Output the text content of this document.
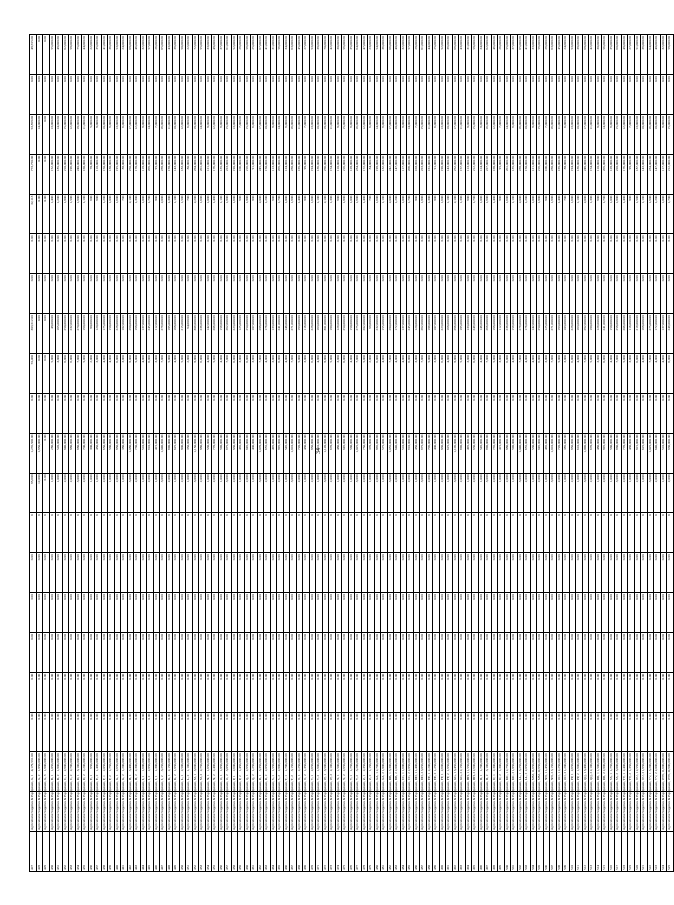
427	Agricultural Supplies & Equipment, A, 1	4,179,531.00	0.00	0.00	0.00	3.00	0.00	0	95,600	1,235,500.00	0.00	55,400	303,512.00	0.00	0.00	32,113	773,750.00	53,858.00	0.00	48,555.00
428	Agricultural Supplies & Equipment, A, 2	1,850,000.00	0.00	0.00	0.00	0.00	0.00	0	12,000	1,850,000.00	0.00	0.00	0.00	0.00	0.00	0.00	0.00	14,000.00	0.00	0.00
429	Agricultural Supplies & Equipment, A, 3	1,900,000.00	0.00	0.00	0.00	0.00	0.00	0	0.00	0.00	0.00	0.00	0.00	0.00	0.00	0.00	0.00	0.00	0.00	0.00
430	Agricultural Supplies & Equipment, B, 1	1,050,000.00	0.00	0.00	0.00	0.00	0.00	0	1,000	280,000.00	0.00	5,000	48,000.00	0.00	0.00	1,400	152,000.00	13,000.00	0.00	55,000.00
431	Agricultural Supplies & Equipment, B, 2	1,800,000.00	0.00	0.00	0.00	0.00	0.00	0	1,000	520,000.00	0.00	3,000	165,000.00	0.00	0.00	1,200	185,000.00	14,000.00	0.00	48,000.00
432	Agricultural Supplies & Equipment, C, 1	2,900,000.00	0.00	0.00	0.00	0.00	0.00	0	2,000	940,000.00	0.00	6,000	250,000.00	0.00	0.00	1,800	210,000.00	15,000.00	0.00	62,000.00
433	Agricultural Supplies & Equipment, C, 2	2,700,000.00	0.00	0.00	0.00	0.00	0.00	0	2,000	880,000.00	0.00	6,000	232,000.00	0.00	0.00	1,500	196,000.00	12,000.00	0.00	58,000.00
434	Agricultural Supplies & Equipment, D, 1	3,100,000.00	0.00	0.00	0.00	0.00	0.00	0	3,000	980,000.00	0.00	7,000	270,000.00	0.00	0.00	1,900	240,000.00	18,000.00	0.00	75,000.00
435	Agricultural Supplies & Equipment, D, 2	2,200,000.00	0.00	0.00	0.00	0.00	0.00	0	2,000	700,000.00	0.00	5,000	190,000.00	0.00	0.00	1,100	160,000.00	11,000.00	0.00	44,000.00
436	Agricultural Supplies & Equipment, E, 1	950,000.00	0.00	0.00	0.00	0.00	0.00	0	1,000	300,000.00	0.00	2,000	80,000.00	0.00	0.00	600	70,000.00	5,000.00	0.00	22,000.00
437	Agricultural Supplies & Equipment, E, 2	1,400,000.00	0.00	0.00	0.00	0.00	0.00	0	1,000	450,000.00	0.00	3,000	120,000.00	0.00	0.00	900	110,000.00	8,000.00	0.00	35,000.00
438	Agricultural Supplies & Equipment, F, 1	2,050,000.00	0.00	0.00	0.00	0.00	0.00	0	2,000	650,000.00	0.00	4,000	175,000.00	0.00	0.00	1,200	150,000.00	10,000.00	0.00	41,000.00
439	Agricultural Supplies & Equipment, F, 2	1,750,000.00	0.00	0.00	0.00	0.00	0.00	0	1,000	560,000.00	0.00	4,000	150,000.00	0.00	0.00	1,000	130,000.00	9,000.00	0.00	36,000.00
440	Agricultural Supplies & Equipment, G, 1	2,650,000.00	0.00	0.00	0.00	0.00	0.00	0	2,000	850,000.00	0.00	6,000	228,000.00	0.00	0.00	1,600	195,000.00	13,000.00	0.00	53,000.00
441	Agricultural Supplies & Equipment, G, 2	1,200,000.00	0.00	0.00	0.00	0.00	0.00	0	1,000	380,000.00	0.00	3,000	102,000.00	0.00	0.00	700	88,000.00	6,000.00	0.00	24,000.00
442	Agricultural Supplies & Equipment, H, 1	3,400,000.00	0.00	0.00	0.00	0.00	0.00	0	3,000	1,080,000.00	0.00	8,000	290,000.00	0.00	0.00	2,100	250,000.00	17,000.00	0.00	68,000.00
443	Agricultural Supplies & Equipment, H, 2	2,300,000.00	0.00	0.00	0.00	0.00	0.00	0	2,000	730,000.00	0.00	5,000	198,000.00	0.00	0.00	1,300	170,000.00	12,000.00	0.00	46,000.00
444	Agricultural Supplies & Equipment, I, 1	1,600,000.00	0.00	0.00	0.00	0.00	0.00	0	1,000	510,000.00	0.00	4,000	137,000.00	0.00	0.00	1,000	118,000.00	8,000.00	0.00	32,000.00
445	Agricultural Supplies & Equipment, I, 2	2,850,000.00	0.00	0.00	0.00	0.00	0.00	0	2,000	910,000.00	0.00	6,000	245,000.00	0.00	0.00	1,700	205,000.00	14,000.00	0.00	57,000.00
446	Agricultural Supplies & Equipment, J, 1	1,300,000.00	0.00	0.00	0.00	0.00	0.00	0	1,000	415,000.00	0.00	3,000	112,000.00	0.00	0.00	800	95,000.00	7,000.00	0.00	26,000.00
447	Agricultural Supplies & Equipment, J, 2	3,250,000.00	0.00	0.00	0.00	0.00	0.00	0	3,000	1,040,000.00	0.00	7,000	279,000.00	0.00	0.00	2,000	238,000.00	16,000.00	0.00	65,000.00
448	Agricultural Supplies & Equipment, K, 1	2,150,000.00	0.00	0.00	0.00	0.00	0.00	0	2,000	690,000.00	0.00	5,000	185,000.00	0.00	0.00	1,300	158,000.00	11,000.00	0.00	43,000.00
449	Agricultural Supplies & Equipment, K, 2	1,950,000.00	0.00	0.00	0.00	0.00	0.00	0	1,000	625,000.00	0.00	4,000	168,000.00	0.00	0.00	1,100	143,000.00	10,000.00	0.00	39,000.00
450	Agricultural Supplies & Equipment, L, 1	2,500,000.00	0.00	0.00	0.00	0.00	0.00	0	2,000	800,000.00	0.00	5,000	215,000.00	0.00	0.00	1,500	183,000.00	12,000.00	0.00	50,000.00
451	Agricultural Supplies & Equipment, L, 2	1,100,000.00	0.00	0.00	0.00	0.00	0.00	0	1,000	350,000.00	0.00	2,000	94,000.00	0.00	0.00	700	80,000.00	6,000.00	0.00	22,000.00
452	Agricultural Supplies & Equipment, M, 1	3,600,000.00	0.00	0.00	0.00	0.00	0.00	0	3,000	1,150,000.00	0.00	8,000	309,000.00	0.00	0.00	2,200	264,000.00	18,000.00	0.00	72,000.00
453	Agricultural Supplies & Equipment, M, 2	2,750,000.00	0.00	0.00	0.00	0.00	0.00	0	2,000	880,000.00	0.00	6,000	236,000.00	0.00	0.00	1,600	201,000.00	14,000.00	0.00	55,000.00
454	Agricultural Supplies & Equipment, N, 1	1,650,000.00	0.00	0.00	0.00	0.00	0.00	0	1,000	530,000.00	0.00	4,000	142,000.00	0.00	0.00	1,000	121,000.00	8,000.00	0.00	33,000.00
455	Agricultural Supplies & Equipment, N, 2	2,400,000.00	0.00	0.00	0.00	0.00	0.00	0	2,000	770,000.00	0.00	5,000	206,000.00	0.00	0.00	1,400	176,000.00	12,000.00	0.00	48,000.00
456	Agricultural Supplies & Equipment, O, 1	1,850,000.00	0.00	0.00	0.00	0.00	0.00	0	1,000	590,000.00	0.00	4,000	159,000.00	0.00	0.00	1,100	135,000.00	9,000.00	0.00	37,000.00
457	Agricultural Supplies & Equipment, O, 2	3,050,000.00	0.00	0.00	0.00	0.00	0.00	0	3,000	975,000.00	0.00	7,000	262,000.00	0.00	0.00	1,800	223,000.00	15,000.00	0.00	61,000.00
458	Agricultural Supplies & Equipment, P, 1	2,600,000.00	0.00	0.00	0.00	0.00	0.00	0	2,000	830,000.00	0.00	6,000	223,000.00	0.00	0.00	1,600	190,000.00	13,000.00	0.00	52,000.00
459	Agricultural Supplies & Equipment, P, 2	1,450,000.00	0.00	0.00	0.00	0.00	0.00	0	1,000	465,000.00	0.00	3,000	125,000.00	0.00	0.00	900	106,000.00	7,000.00	0.00	29,000.00
460	Agricultural Supplies & Equipment, Q, 1	2,950,000.00	0.00	0.00	0.00	0.00	0.00	0	2,000	945,000.00	0.00	6,000	254,000.00	0.00	0.00	1,800	216,000.00	15,000.00	0.00	59,000.00
461	Agricultural Supplies & Equipment, Q, 2	1,250,000.00	0.00	0.00	0.00	0.00	0.00	0	1,000	400,000.00	0.00	3,000	107,000.00	0.00	0.00	800	91,000.00	6,000.00	0.00	25,000.00
462	Agricultural Supplies & Equipment, R, 1	3,350,000.00	0.00	0.00	0.00	0.00	0.00	0	3,000	1,070,000.00	0.00	7,000	288,000.00	0.00	0.00	2,000	245,000.00	17,000.00	0.00	67,000.00
463	Agricultural Supplies & Equipment, R, 2	2,050,000.00	0.00	0.00	0.00	0.00	0.00	0	2,000	655,000.00	0.00	4,000	176,000.00	0.00	0.00	1,200	150,000.00	10,000.00	0.00	41,000.00
464	Agricultural Supplies & Equipment, S, 1	1,550,000.00	0.00	0.00	0.00	0.00	0.00	0	1,000	495,000.00	0.00	3,000	133,000.00	0.00	0.00	900	113,000.00	8,000.00	0.00	31,000.00
465	Agricultural Supplies & Equipment, S, 2	2,800,000.00	0.00	0.00	0.00	0.00	0.00	0	2,000	895,000.00	0.00	6,000	241,000.00	0.00	0.00	1,700	205,000.00	14,000.00	0.00	56,000.00
466	Agricultural Supplies & Equipment, T, 1	1,700,000.00	0.00	0.00	0.00	0.00	0.00	0	1,000	545,000.00	0.00	4,000	146,000.00	0.00	0.00	1,000	124,000.00	9,000.00	0.00	34,000.00
467	Agricultural Supplies & Equipment, T, 2	3,150,000.00	0.00	0.00	0.00	0.00	0.00	0	3,000	1,010,000.00	0.00	7,000	271,000.00	0.00	0.00	1,900	230,000.00	16,000.00	0.00	63,000.00
468	Agricultural Supplies & Equipment, U, 1	2,250,000.00	0.00	0.00	0.00	0.00	0.00	0	2,000	720,000.00	0.00	5,000	193,000.00	0.00	0.00	1,400	165,000.00	11,000.00	0.00	45,000.00
469	Agricultural Supplies & Equipment, U, 2	1,350,000.00	0.00	0.00	0.00	0.00	0.00	0	1,000	430,000.00	0.00	3,000	116,000.00	0.00	0.00	800	99,000.00	7,000.00	0.00	27,000.00
470	Agricultural Supplies & Equipment, V, 1	2,650,000.00	0.00	0.00	0.00	0.00	0.00	0	2,000	850,000.00	0.00	6,000	228,000.00	0.00	0.00	1,600	194,000.00	13,000.00	0.00	53,000.00
471	Agricultural Supplies & Equipment, V, 2	1,900,000.00	0.00	0.00	0.00	0.00	0.00	0	1,000	610,000.00	0.00	4,000	163,000.00	0.00	0.00	1,100	139,000.00	10,000.00	0.00	38,000.00
472	Agricultural Supplies & Equipment, W, 1	3,500,000.00	0.00	0.00	0.00	0.00	0.00	0	3,000	1,120,000.00	0.00	8,000	301,000.00	0.00	0.00	2,100	256,000.00	18,000.00	0.00	70,000.00
473	Agricultural Supplies & Equipment, W, 2	2,100,000.00	0.00	0.00	0.00	0.00	0.00	0	2,000	670,000.00	0.00	5,000	180,000.00	0.00	0.00	1,300	154,000.00	11,000.00	0.00	42,000.00
474	Agricultural Supplies & Equipment, X, 1	1,500,000.00	0.00	0.00	0.00	0.00	0.00	0	1,000	480,000.00	0.00	3,000	129,000.00	0.00	0.00	900	110,000.00	8,000.00	0.00	30,000.00
475	Agricultural Supplies & Equipment, X, 2	2,950,000.00	0.00	0.00	0.00	0.00	0.00	0	2,000	945,000.00	0.00	6,000	254,000.00	0.00	0.00	1,800	216,000.00	15,000.00	0.00	59,000.00
476	Agricultural Supplies & Equipment, Y, 1	1,750,000.00	0.00	0.00	0.00	0.00	0.00	0	1,000	560,000.00	0.00	4,000	150,000.00	0.00	0.00	1,000	128,000.00	9,000.00	0.00	35,000.00
477	Agricultural Supplies & Equipment, Y, 2	3,200,000.00	0.00	0.00	0.00	0.00	0.00	0	3,000	1,025,000.00	0.00	7,000	275,000.00	0.00	0.00	1,900	234,000.00	16,000.00	0.00	64,000.00
478	Agricultural Supplies & Equipment, Z, 1	2,350,000.00	0.00	0.00	0.00	0.00	0.00	0	2,000	750,000.00	0.00	5,000	202,000.00	0.00	0.00	1,400	172,000.00	12,000.00	0.00	47,000.00
479	Agricultural Supplies & Equipment, Z, 2	1,150,000.00	0.00	0.00	0.00	0.00	0.00	0	1,000	370,000.00	0.00	2,000	99,000.00	0.00	0.00	700	84,000.00	6,000.00	0.00	23,000.00
480	Agricultural Supplies & Equipment, AA, 1	2,700,000.00	0.00	0.00	0.00	0.00	0.00	0	2,000	865,000.00	0.00	6,000	232,000.00	0.00	0.00	1,600	198,000.00	14,000.00	0.00	54,000.00
481	Agricultural Supplies & Equipment, AA, 2	1,800,000.00	0.00	0.00	0.00	0.00	0.00	0	1,000	575,000.00	0.00	4,000	155,000.00	0.00	0.00	1,100	132,000.00	9,000.00	0.00	36,000.00
482	Agricultural Supplies & Equipment, BB, 1	3,300,000.00	0.00	0.00	0.00	0.00	0.00	0	3,000	1,055,000.00	0.00	7,000	284,000.00	0.00	0.00	2,000	242,000.00	17,000.00	0.00	66,000.00
483	Agricultural Supplies & Equipment, BB, 2	2,000,000.00	0.00	0.00	0.00	0.00	0.00	0	2,000	640,000.00	0.00	4,000	172,000.00	0.00	0.00	1,200	147,000.00	10,000.00	0.00	40,000.00
484	Agricultural Supplies & Equipment, CC, 1	1,600,000.00	0.00	0.00	0.00	0.00	0.00	0	1,000	510,000.00	0.00	4,000	137,000.00	0.00	0.00	1,000	117,000.00	8,000.00	0.00	32,000.00
485	Agricultural Supplies & Equipment, CC, 2	2,850,000.00	0.00	0.00	0.00	0.00	0.00	0	2,000	910,000.00	0.00	6,000	245,000.00	0.00	0.00	1,700	209,000.00	14,000.00	0.00	57,000.00
486	Agricultural Supplies & Equipment, DD, 1	1,400,000.00	0.00	0.00	0.00	0.00	0.00	0	1,000	450,000.00	0.00	3,000	120,000.00	0.00	0.00	800	103,000.00	7,000.00	0.00	28,000.00
487	Agricultural Supplies & Equipment, DD, 2	3,050,000.00	0.00	0.00	0.00	0.00	0.00	0	3,000	975,000.00	0.00	7,000	262,000.00	0.00	0.00	1,800	223,000.00	15,000.00	0.00	61,000.00
488	Agricultural Supplies & Equipment, EE, 1	2,200,000.00	0.00	0.00	0.00	0.00	0.00	0	2,000	705,000.00	0.00	5,000	189,000.00	0.00	0.00	1,300	161,000.00	11,000.00	0.00	44,000.00
489	Agricultural Supplies & Equipment, EE, 2	1,250,000.00	0.00	0.00	0.00	0.00	0.00	0	1,000	400,000.00	0.00	3,000	107,000.00	0.00	0.00	800	91,000.00	6,000.00	0.00	25,000.00
490	Agricultural Supplies & Equipment, FF, 1	2,600,000.00	0.00	0.00	0.00	0.00	0.00	0	2,000	830,000.00	0.00	6,000	223,000.00	0.00	0.00	1,600	190,000.00	13,000.00	0.00	52,000.00
491	Agricultural Supplies & Equipment, FF, 2	1,950,000.00	0.00	0.00	0.00	0.00	0.00	0	1,000	625,000.00	0.00	4,000	168,000.00	0.00	0.00	1,100	143,000.00	10,000.00	0.00	39,000.00
492	Agricultural Supplies & Equipment, GG, 1	3,450,000.00	0.00	0.00	0.00	0.00	0.00	0	3,000	1,105,000.00	0.00	8,000	296,000.00	0.00	0.00	2,100	252,000.00	17,000.00	0.00	69,000.00
493	Agricultural Supplies & Equipment, GG, 2	2,150,000.00	0.00	0.00	0.00	0.00	0.00	0	2,000	690,000.00	0.00	5,000	185,000.00	0.00	0.00	1,300	157,000.00	11,000.00	0.00	43,000.00
494	Agricultural Supplies & Equipment, HH, 1	1,550,000.00	0.00	0.00	0.00	0.00	0.00	0	1,000	495,000.00	0.00	3,000	133,000.00	0.00	0.00	900	113,000.00	8,000.00	0.00	31,000.00
495	Agricultural Supplies & Equipment, HH, 2	2,900,000.00	0.00	0.00	0.00	0.00	0.00	0	2,000	930,000.00	0.00	6,000	249,000.00	0.00	0.00	1,700	212,000.00	15,000.00	0.00	58,000.00
496	Agricultural Supplies & Equipment, II, 1	1,700,000.00	0.00	0.00	0.00	0.00	0.00	0	1,000	545,000.00	0.00	4,000	146,000.00	0.00	0.00	1,000	124,000.00	9,000.00	0.00	34,000.00
497	Agricultural Supplies & Equipment, II, 2	3,100,000.00	0.00	0.00	0.00	0.00	0.00	0	3,000	990,000.00	0.00	7,000	266,000.00	0.00	0.00	1,900	227,000.00	16,000.00	0.00	62,000.00
498	Agricultural Supplies & Equipment, JJ, 1	2,300,000.00	0.00	0.00	0.00	0.00	0.00	0	2,000	735,000.00	0.00	5,000	198,000.00	0.00	0.00	1,400	168,000.00	12,000.00	0.00	46,000.00
499	Agricultural Supplies & Equipment, JJ, 2	1,300,000.00	0.00	0.00	0.00	0.00	0.00	0	1,000	415,000.00	0.00	3,000	112,000.00	0.00	0.00	800	95,000.00	7,000.00	0.00	26,000.00
500	Agricultural Supplies & Equipment, KK, 1	2,750,000.00	0.00	0.00	0.00	0.00	0.00	0	2,000	880,000.00	0.00	6,000	236,000.00	0.00	0.00	1,600	201,000.00	14,000.00	0.00	55,000.00
501	Agricultural Supplies & Equipment, KK, 2	1,850,000.00	0.00	0.00	0.00	0.00	0.00	0	1,000	590,000.00	0.00	4,000	159,000.00	0.00	0.00	1,100	135,000.00	9,000.00	0.00	37,000.00
502	Agricultural Supplies & Equipment, LL, 1	3,250,000.00	0.00	0.00	0.00	0.00	0.00	0	3,000	1,040,000.00	0.00	7,000	279,000.00	0.00	0.00	2,000	238,000.00	16,000.00	0.00	65,000.00
503	Agricultural Supplies & Equipment, LL, 2	2,050,000.00	0.00	0.00	0.00	0.00	0.00	0	2,000	655,000.00	0.00	4,000	176,000.00	0.00	0.00	1,200	150,000.00	10,000.00	0.00	41,000.00
504	Agricultural Supplies & Equipment, MM, 1	1,650,000.00	0.00	0.00	0.00	0.00	0.00	0	1,000	530,000.00	0.00	4,000	142,000.00	0.00	0.00	1,000	121,000.00	8,000.00	0.00	33,000.00
505	Agricultural Supplies & Equipment, MM, 2	2,950,000.00	0.00	0.00	0.00	0.00	0.00	0	2,000	945,000.00	0.00	6,000	254,000.00	0.00	0.00	1,800	216,000.00	15,000.00	0.00	59,000.00
506	Agricultural Supplies & Equipment, NN, 1	1,450,000.00	0.00	0.00	0.00	0.00	0.00	0	1,000	465,000.00	0.00	3,000	125,000.00	0.00	0.00	900	106,000.00	7,000.00	0.00	29,000.00
507	Agricultural Supplies & Equipment, NN, 2	3,150,000.00	0.00	0.00	0.00	0.00	0.00	0	3,000	1,010,000.00	0.00	7,000	271,000.00	0.00	0.00	1,900	230,000.00	16,000.00	0.00	63,000.00
508	Agricultural Supplies & Equipment, OO, 1	2,250,000.00	0.00	0.00	0.00	0.00	0.00	0	2,000	720,000.00	0.00	5,000	193,000.00	0.00	0.00	1,400	165,000.00	11,000.00	0.00	45,000.00
509	Agricultural Supplies & Equipment, OO, 2	1,200,000.00	0.00	0.00	0.00	0.00	0.00	0	1,000	385,000.00	0.00	3,000	103,000.00	0.00	0.00	700	88,000.00	6,000.00	0.00	24,000.00
510	Agricultural Supplies & Equipment, PP, 1	2,650,000.00	0.00	0.00	0.00	0.00	0.00	0	2,000	850,000.00	0.00	6,000	228,000.00	0.00	0.00	1,600	194,000.00	13,000.00	0.00	53,000.00
511	Agricultural Supplies & Equipment, PP, 2	1,900,000.00	0.00	0.00	0.00	0.00	0.00	0	1,000	610,000.00	0.00	4,000	163,000.00	0.00	0.00	1,100	139,000.00	10,000.00	0.00	38,000.00
512	Agricultural Supplies & Equipment, QQ, 1	3,400,000.00	0.00	0.00	0.00	0.00	0.00	0	3,000	1,090,000.00	0.00	7,000	292,000.00	0.00	0.00	2,000	249,000.00	17,000.00	0.00	68,000.00
513	Agricultural Supplies & Equipment, QQ, 2	2,100,000.00	0.00	0.00	0.00	0.00	0.00	0	2,000	670,000.00	0.00	5,000	180,000.00	0.00	0.00	1,300	154,000.00	11,000.00	0.00	42,000.00
514	Agricultural Supplies & Equipment, RR, 1	1,500,000.00	0.00	0.00	0.00	0.00	0.00	0	1,000	480,000.00	0.00	3,000	129,000.00	0.00	0.00	900	110,000.00	8,000.00	0.00	30,000.00
515	Agricultural Supplies & Equipment, RR, 2	2,800,000.00	0.00	0.00	0.00	0.00	0.00	0	2,000	895,000.00	0.00	6,000	241,000.00	0.00	0.00	1,700	205,000.00	14,000.00	0.00	56,000.00
516	Agricultural Supplies & Equipment, SS, 1	1,750,000.00	0.00	0.00	0.00	0.00	0.00	0	1,000	560,000.00	0.00	4,000	150,000.00	0.00	0.00	1,000	128,000.00	9,000.00	0.00	35,000.00
517	Agricultural Supplies & Equipment, SS, 2	3,000,000.00	0.00	0.00	0.00	0.00	0.00	0	3,000	960,000.00	0.00	7,000	258,000.00	0.00	0.00	1,800	220,000.00	15,000.00	0.00	60,000.00
518	Agricultural Supplies & Equipment, TT, 1	2,400,000.00	0.00	0.00	0.00	0.00	0.00	0	2,000	770,000.00	0.00	5,000	206,000.00	0.00	0.00	1,400	176,000.00	12,000.00	0.00	48,000.00
519	Agricultural Supplies & Equipment, TT, 2	1,350,000.00	0.00	0.00	0.00	0.00	0.00	0	1,000	430,000.00	0.00	3,000	116,000.00	0.00	0.00	800	99,000.00	7,000.00	0.00	27,000.00
520	Agricultural Supplies & Equipment, UU, 1	2,550,000.00	0.00	0.00	0.00	0.00	0.00	0	2,000	815,000.00	0.00	6,000	219,000.00	0.00	0.00	1,500	187,000.00	13,000.00	0.00	51,000.00
521	Agricultural Supplies & Equipment, UU, 2	1,950,000.00	0.00	0.00	0.00	0.00	0.00	0	1,000	625,000.00	0.00	4,000	168,000.00	0.00	0.00	1,100	143,000.00	10,000.00	0.00	39,000.00
522	Agricultural Supplies & Equipment, VV, 1	3,200,000.00	0.00	0.00	0.00	0.00	0.00	0	3,000	1,025,000.00	0.00	7,000	275,000.00	0.00	0.00	1,900	234,000.00	16,000.00	0.00	64,000.00
523	Agricultural Supplies & Equipment, VV, 2	2,000,000.00	0.00	0.00	0.00	0.00	0.00	0	2,000	640,000.00	0.00	4,000	172,000.00	0.00	0.00	1,200	147,000.00	10,000.00	0.00	40,000.00
524	Agricultural Supplies & Equipment, WW, 1	1,600,000.00	0.00	0.00	0.00	0.00	0.00	0	1,000	510,000.00	0.00	4,000	137,000.00	0.00	0.00	1,000	117,000.00	8,000.00	0.00	32,000.00
525	Agricultural Supplies & Equipment, WW, 2	2,900,000.00	0.00	0.00	0.00	0.00	0.00	0	2,000	930,000.00	0.00	6,000	249,000.00	0.00	0.00	1,700	212,000.00	15,000.00	0.00	58,000.00
34
